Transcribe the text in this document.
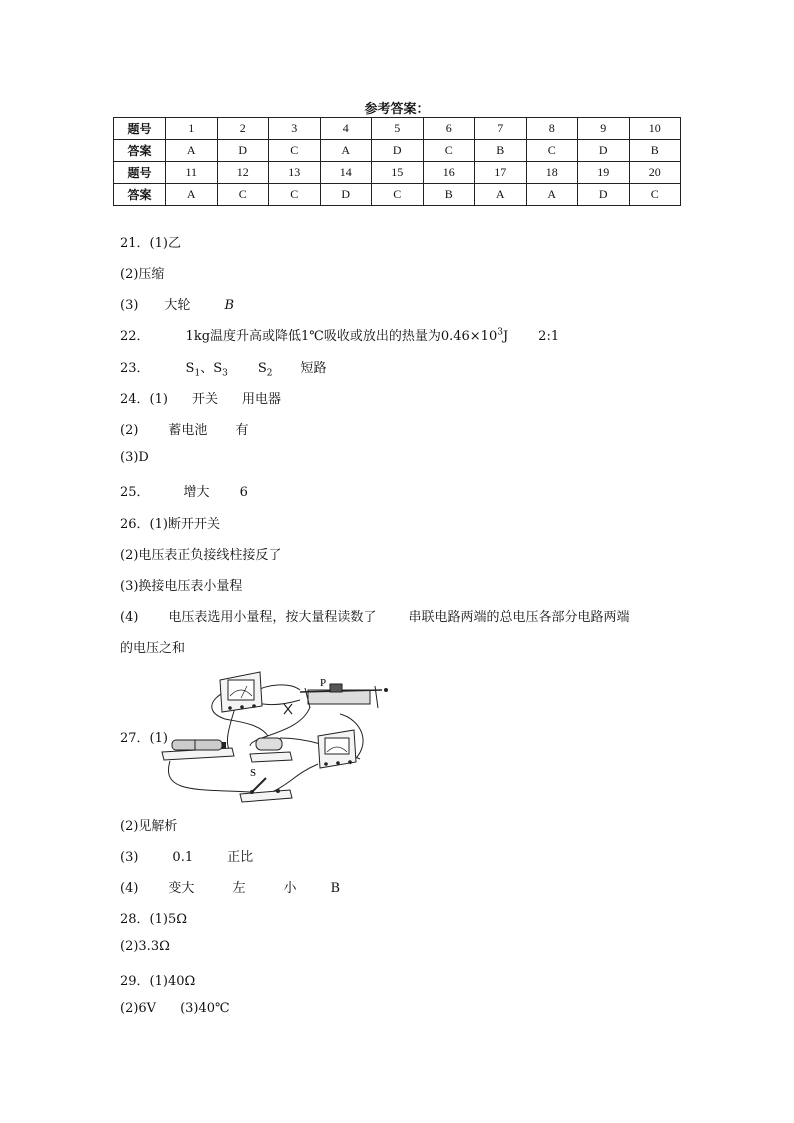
参考答案：
题号	1	2	3	4	5	6	7	8	9	10
答案	A	D	C	A	D	C	B	C	D	B
题号	11	12	13	14	15	16	17	18	19	20
答案	A	C	C	D	C	B	A	A	D	C
21．(1)乙
(2)压缩
(3) 大轮	B
22．	1kg温度升高或降低1℃吸收或放出的热量为$0.46\times 10^3J$ 2:1
23．	$S_1$、$S_3$ $S_2$ 短路
24．(1) 开关 用电器
(2) 蓄电池 有
(3)D
25．	增大 6
26．(1)断开开关
(2)电压表正负接线柱接反了
(3)换接电压表小量程
(4) 电压表选用小量程，按大量程读数了 串联电路两端的总电压各部分电路两端
的电压之和
27．(1)
P
S
(2)见解析
(3)	0.1	正比
(4) 变大	左	小	B
28．(1)5Ω
(2)3.3Ω
29．(1)40Ω
(2)6V (3)40℃
